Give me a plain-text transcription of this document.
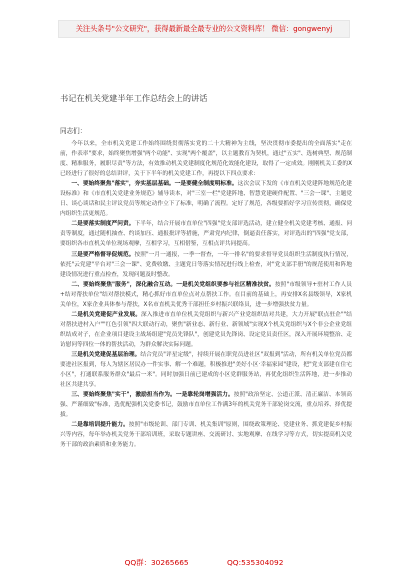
关注头条号"公文研究"，获得最新最全最专业的公文资料库！ 微信：gongwenyj
书记在机关党建半年工作总结会上的讲话
同志们：

今年以来，全市机关党建工作始终围绕贯彻落实党的二十大精神为主线，坚决贯彻市委提出的全面落实"走在前，作表率"要求，始终聚焦增强"两个功能"、实现"两个覆盖"，以主题教育为契机，通过"五实"、选树典型、规范制度、精准服务，履职尽责"等方法，有效推动机关党建制度化规范化效能化建设，取得了一定成效。刚刚机关工委的X已经进行了很好的总结讲评，关于下半年的机关党建工作，再提以下四点要求：

一、要始终聚焦"落实"，夯实基层基础。一是要健全制度明标准。这次会议下发的《市直机关党建阵地规范化建设标准》和《市直机关党建业务规范》辅导读本，对"三室一栏"党建阵地、智慧党建硬件配置、"三会一课"、主题党日、谈心谈话和民主评议党员等规定动作立下了标准，明确了流程。定好了规范，各级要抓好学习宣传贯彻，确保党内组织生活更规范。

二是要落实制度严问责。下半年，结合开展市直单位"四强"党支部评选活动，建立健全机关党建考核、通报、问责等制度，通过随机抽查、约谈加压、通报批评等措施，严肃党内纪律，倒逼责任落实，对评选出的"四强"党支部，要组织各市直机关单位现场观摩，互相学习，互相借鉴，互相点评共同提高。

三是要严格督导促规范。按照"一月一通报，一季一督查，一年一排名"的要求督导党员组织生活制度执行情况，依托"云党建"平台对"三会一课"、党费收缴、主题党日等落实情况进行线上检查，对"党支部手册"的规范使用和阵地建设情况进行重点检查，发现问题及时整改。

二、要始终聚焦"服务"，深化融合互动。一是机关党组织要参与社区精准扶贫。按照"市级领导+驻村工作人员+结对帮扶单位"结对帮扶模式，精心抓好市直单位点对点帮扶工作。在目前的基础上，再安排X名县级领导，X家机关单位，X家企业具体参与帮扶，X名市直机关优秀干部担任乡村振兴联络员，进一步增强扶贫力量。

二是机关党建促产业发展。深入推进市直单位机关党组织与新兴产业党组织结对共建，大力开展"联点驻企""结对帮扶进村入户""红色引领"四大联动行动，聚焦"新业态、新行业、新领域"实现X个机关党组织与X个非公企业党组织结成对子，在企业项目建设主战场组建"党员先锋队"，创建党员先锋岗、设定党员责任区，深入开展环境整治、走访慰问等四位一体的帮扶活动，为群众解决实际问题。

三是机关党建促基层治理。结合党员"评星定级"，持续开展在职党员进社区"双报到"活动，所有机关单位党员都要进社区报到，每人为辖区居民办一件实事、解一个难题，积极推进"美好小区·幸福家园"建设，把"党支部建在住宅小区"，打通联系服务群众"最后一米"。同时加强日前已建成的小区党群服务站，再优化组织生活阵地，进一步推动社区共建共享。

三、要始终聚焦"实干"，激励担当作为。一是靠轮岗增强活力。按照"政治坚定、公道正派、清正廉洁、本领高强、严谨细致"标准，选优配强机关党委书记，鼓励市直单位工作满3年的机关党务干部轮岗交流，重点培养、择优提拔。

二是靠培训提升能力。按照"市级轮训、部门专训、机关集训"原则，围绕政策理论、党建业务、抓党建促乡村振兴等内容，每年举办机关党务干部培训班，采取专题讲座、交流研讨、实地观摩、在线学习等方式，切实提高机关党务干部的政治素质和业务能力。

QQ群：30265665	QQ:535304092
